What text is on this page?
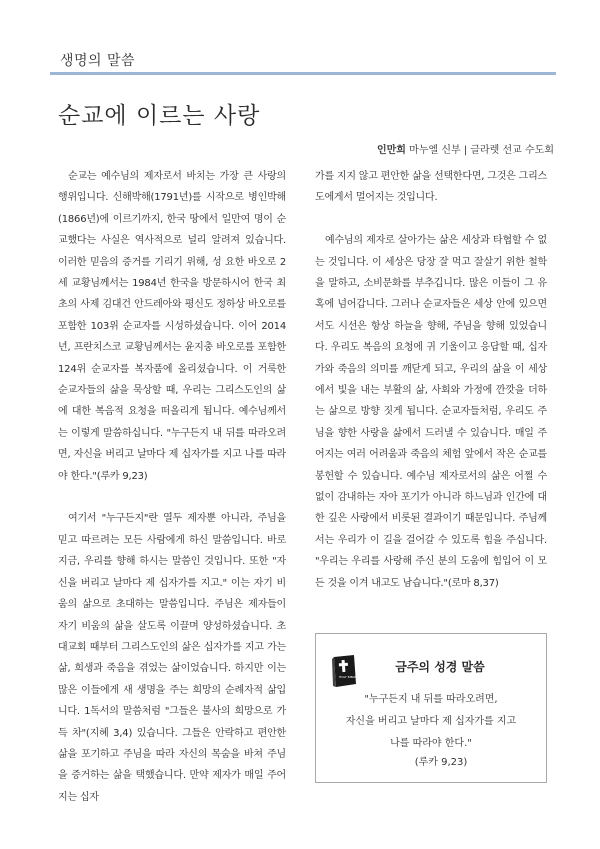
생명의 말씀
순교에 이르는 사랑
인만희 마누엘 신부 | 글라렛 선교 수도회

순교는 예수님의 제자로서 바치는 가장 큰 사랑의 행위입니다. 신해박해(1791년)를 시작으로 병인박해(1866년)에 이르기까지, 한국 땅에서 일만여 명이 순교했다는 사실은 역사적으로 널리 알려져 있습니다. 이러한 믿음의 증거를 기리기 위해, 성 요한 바오로 2세 교황님께서는 1984년 한국을 방문하시어 한국 최초의 사제 김대건 안드레아와 평신도 정하상 바오로를 포함한 103위 순교자를 시성하셨습니다. 이어 2014년, 프란치스코 교황님께서는 윤지충 바오로를 포함한 124위 순교자를 복자품에 올리셨습니다. 이 거룩한 순교자들의 삶을 묵상할 때, 우리는 그리스도인의 삶에 대한 복음적 요청을 떠올리게 됩니다. 예수님께서는 이렇게 말씀하십니다. "누구든지 내 뒤를 따라오려면, 자신을 버리고 날마다 제 십자가를 지고 나를 따라야 한다."(루카 9,23)

여기서 "누구든지"란 열두 제자뿐 아니라, 주님을 믿고 따르려는 모든 사람에게 하신 말씀입니다. 바로 지금, 우리를 향해 하시는 말씀인 것입니다. 또한 "자신을 버리고 날마다 제 십자가를 지고." 이는 자기 비움의 삶으로 초대하는 말씀입니다. 주님은 제자들이 자기 비움의 삶을 살도록 이끌며 양성하셨습니다. 초대교회 때부터 그리스도인의 삶은 십자가를 지고 가는 삶, 희생과 죽음을 겪었는 삶이었습니다. 하지만 이는 많은 이들에게 새 생명을 주는 희망의 순례자적 삶입니다. 1독서의 말씀처럼 "그들은 불사의 희망으로 가득 차"(지혜 3,4) 있습니다. 그들은 안락하고 편안한 삶을 포기하고 주님을 따라 자신의 목숨을 바쳐 주님을 증거하는 삶을 택했습니다. 만약 제자가 매일 주어지는 십자

가를 지지 않고 편안한 삶을 선택한다면, 그것은 그리스도에게서 멀어지는 것입니다.

예수님의 제자로 살아가는 삶은 세상과 타협할 수 없는 것입니다. 이 세상은 당장 잘 먹고 잘살기 위한 철학을 말하고, 소비문화를 부추깁니다. 많은 이들이 그 유혹에 넘어갑니다. 그러나 순교자들은 세상 안에 있으면서도 시선은 항상 하늘을 향해, 주님을 향해 있었습니다. 우리도 복음의 요청에 귀 기울이고 응답할 때, 십자가와 죽음의 의미를 깨닫게 되고, 우리의 삶을 이 세상에서 빛을 내는 부활의 삶, 사회와 가정에 깐깟을 더하는 삶으로 방향 짓게 됩니다. 순교자들처럼, 우리도 주님을 향한 사랑을 삶에서 드러낼 수 있습니다. 매일 주어지는 여러 어려움과 죽음의 체험 앞에서 작은 순교를 봉헌할 수 있습니다. 예수님 제자로서의 삶은 어쩔 수 없이 감내하는 자아 포기가 아니라 하느님과 인간에 대한 깊은 사랑에서 비롯된 결과이기 때문입니다. 주님께서는 우리가 이 길을 걸어갈 수 있도록 힘을 주십니다. "우리는 우리를 사랑해 주신 분의 도움에 힘입어 이 모든 것을 이겨 내고도 남습니다."(로마 8,37)

HOLY BIBLE
금주의 성경 말씀
"누구든지 내 뒤를 따라오려면,
자신을 버리고 날마다 제 십자가를 지고
나를 따라야 한다."
(루카 9,23)
